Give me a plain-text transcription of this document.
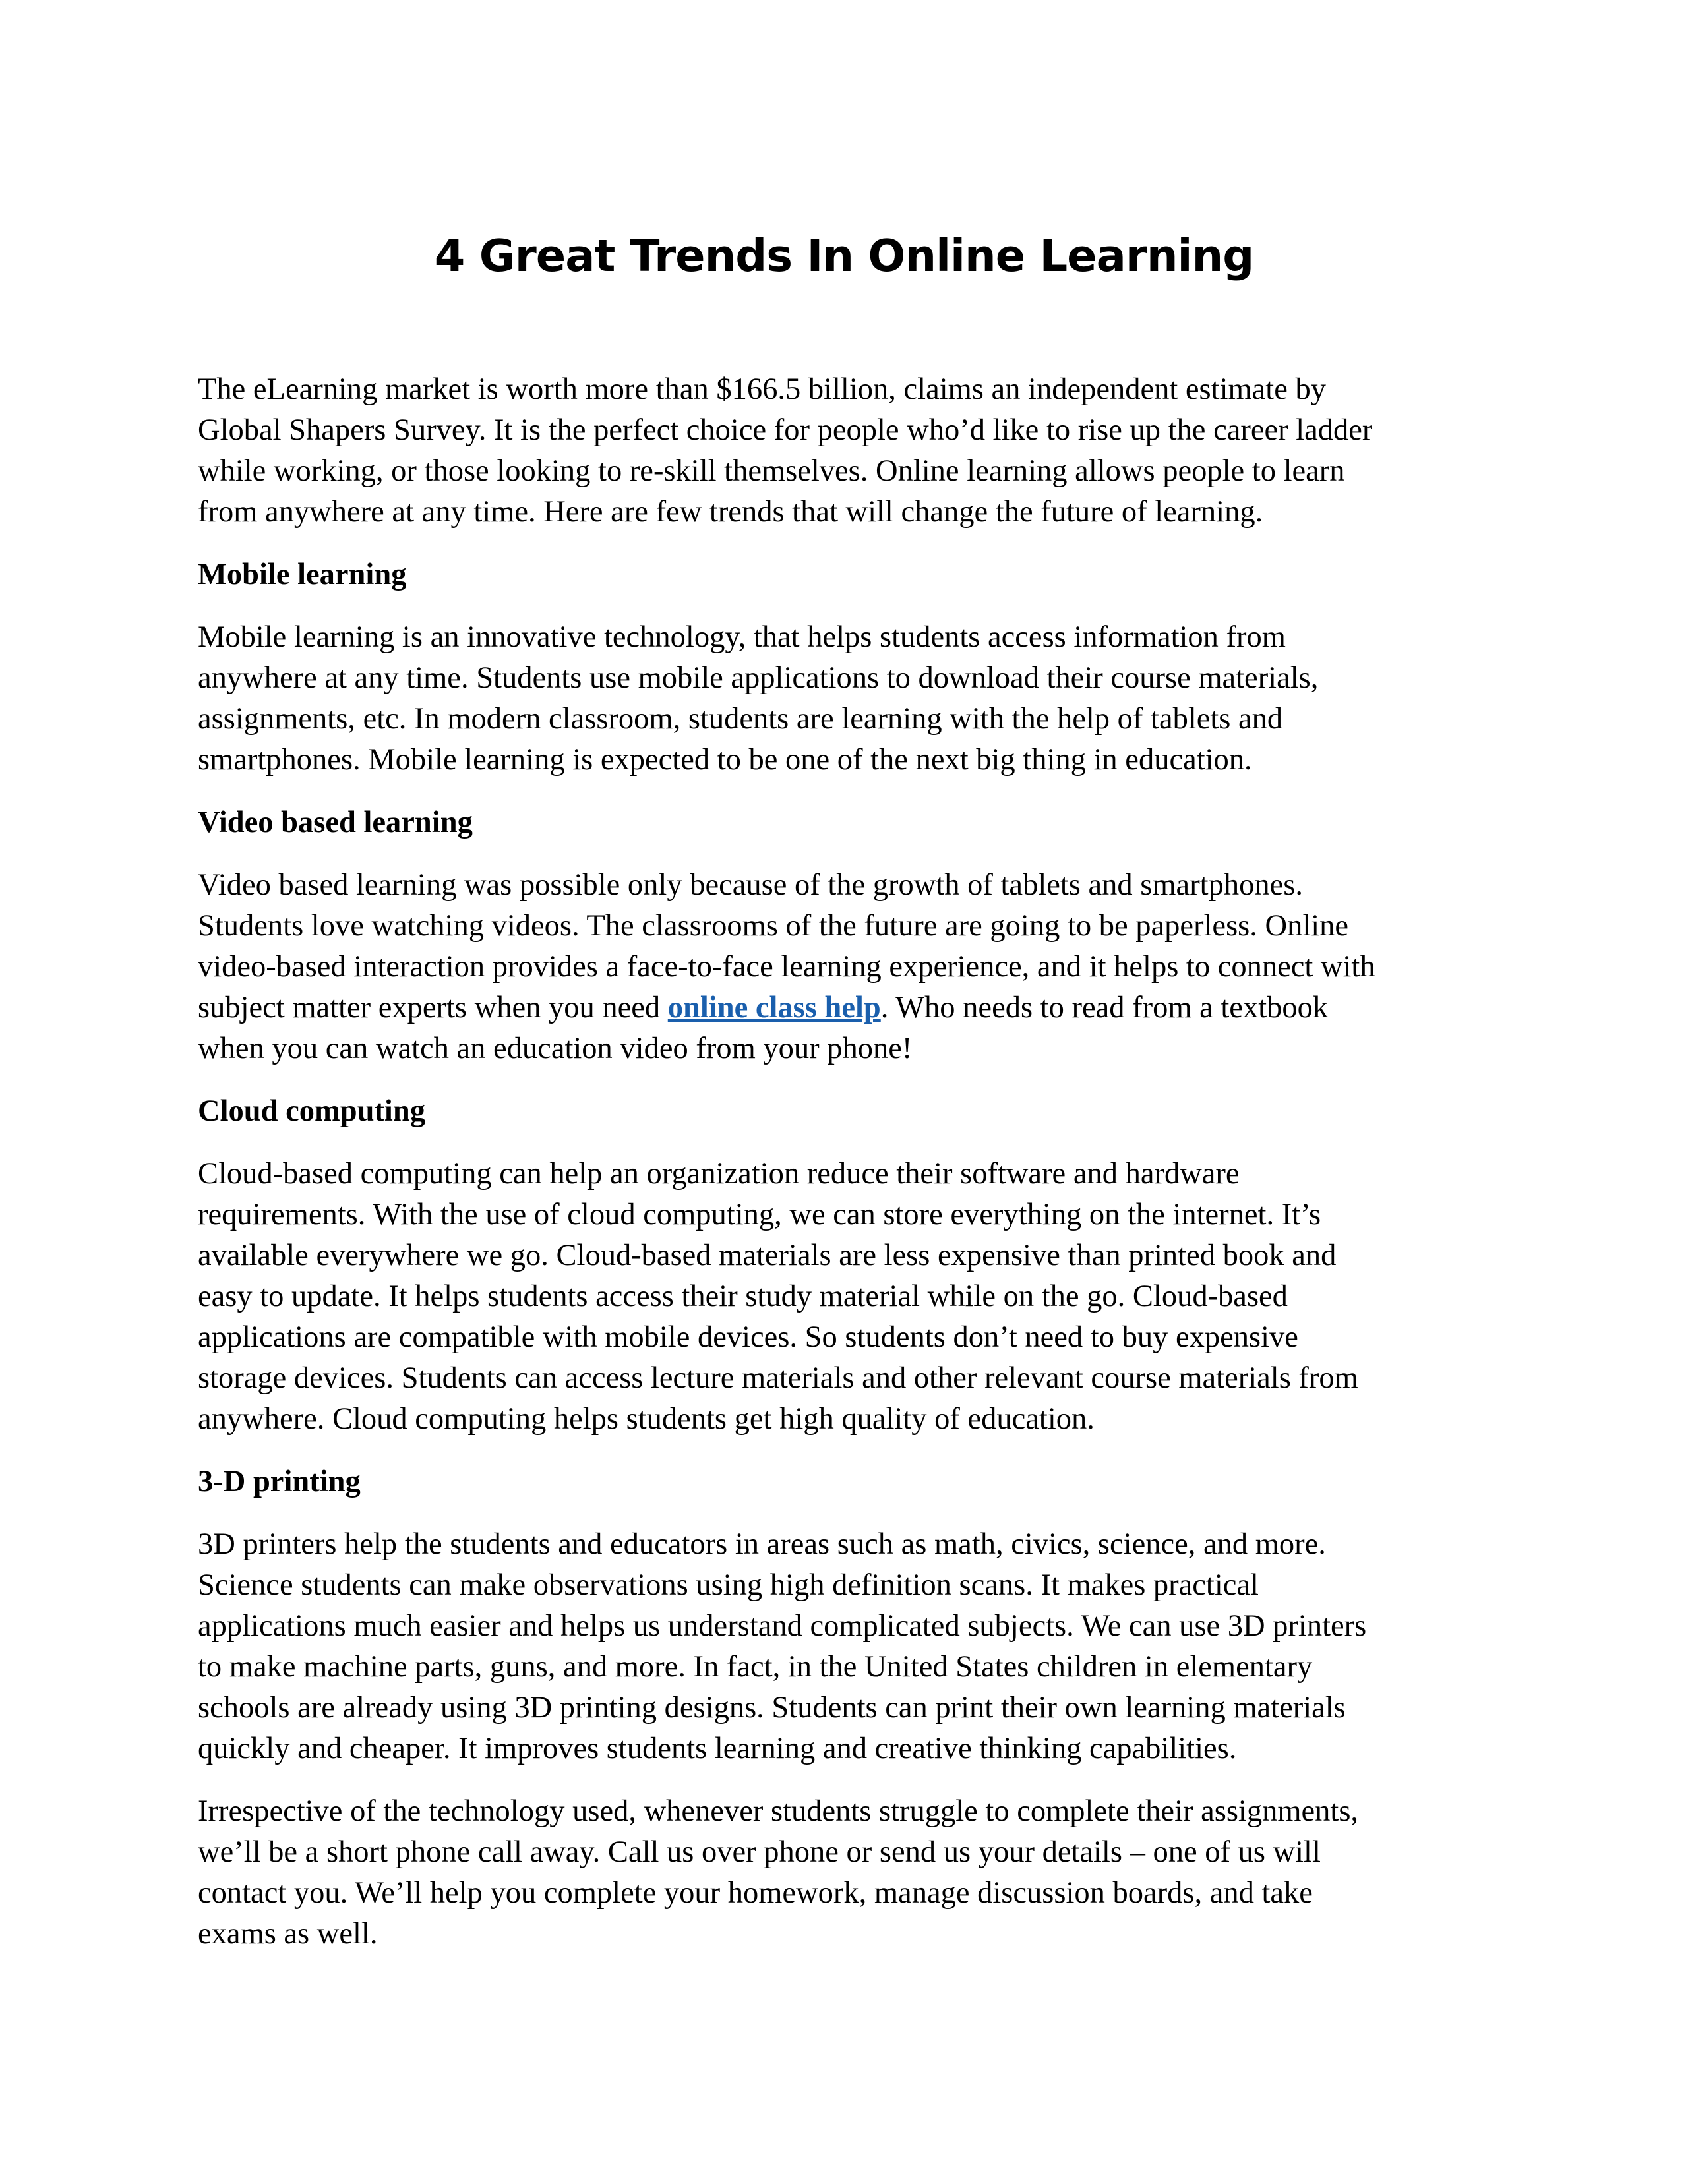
4 Great Trends In Online Learning

The eLearning market is worth more than $166.5 billion, claims an independent estimate by
Global Shapers Survey. It is the perfect choice for people who’d like to rise up the career ladder
while working, or those looking to re-skill themselves. Online learning allows people to learn
from anywhere at any time. Here are few trends that will change the future of learning.

Mobile learning

Mobile learning is an innovative technology, that helps students access information from
anywhere at any time. Students use mobile applications to download their course materials,
assignments, etc. In modern classroom, students are learning with the help of tablets and
smartphones. Mobile learning is expected to be one of the next big thing in education.

Video based learning

Video based learning was possible only because of the growth of tablets and smartphones.
Students love watching videos. The classrooms of the future are going to be paperless. Online
video-based interaction provides a face-to-face learning experience, and it helps to connect with
subject matter experts when you need online class help. Who needs to read from a textbook
when you can watch an education video from your phone!

Cloud computing

Cloud-based computing can help an organization reduce their software and hardware
requirements. With the use of cloud computing, we can store everything on the internet. It’s
available everywhere we go. Cloud-based materials are less expensive than printed book and
easy to update. It helps students access their study material while on the go. Cloud-based
applications are compatible with mobile devices. So students don’t need to buy expensive
storage devices. Students can access lecture materials and other relevant course materials from
anywhere. Cloud computing helps students get high quality of education.

3-D printing

3D printers help the students and educators in areas such as math, civics, science, and more.
Science students can make observations using high definition scans. It makes practical
applications much easier and helps us understand complicated subjects. We can use 3D printers
to make machine parts, guns, and more. In fact, in the United States children in elementary
schools are already using 3D printing designs. Students can print their own learning materials
quickly and cheaper. It improves students learning and creative thinking capabilities.

Irrespective of the technology used, whenever students struggle to complete their assignments,
we’ll be a short phone call away. Call us over phone or send us your details – one of us will
contact you. We’ll help you complete your homework, manage discussion boards, and take
exams as well.
